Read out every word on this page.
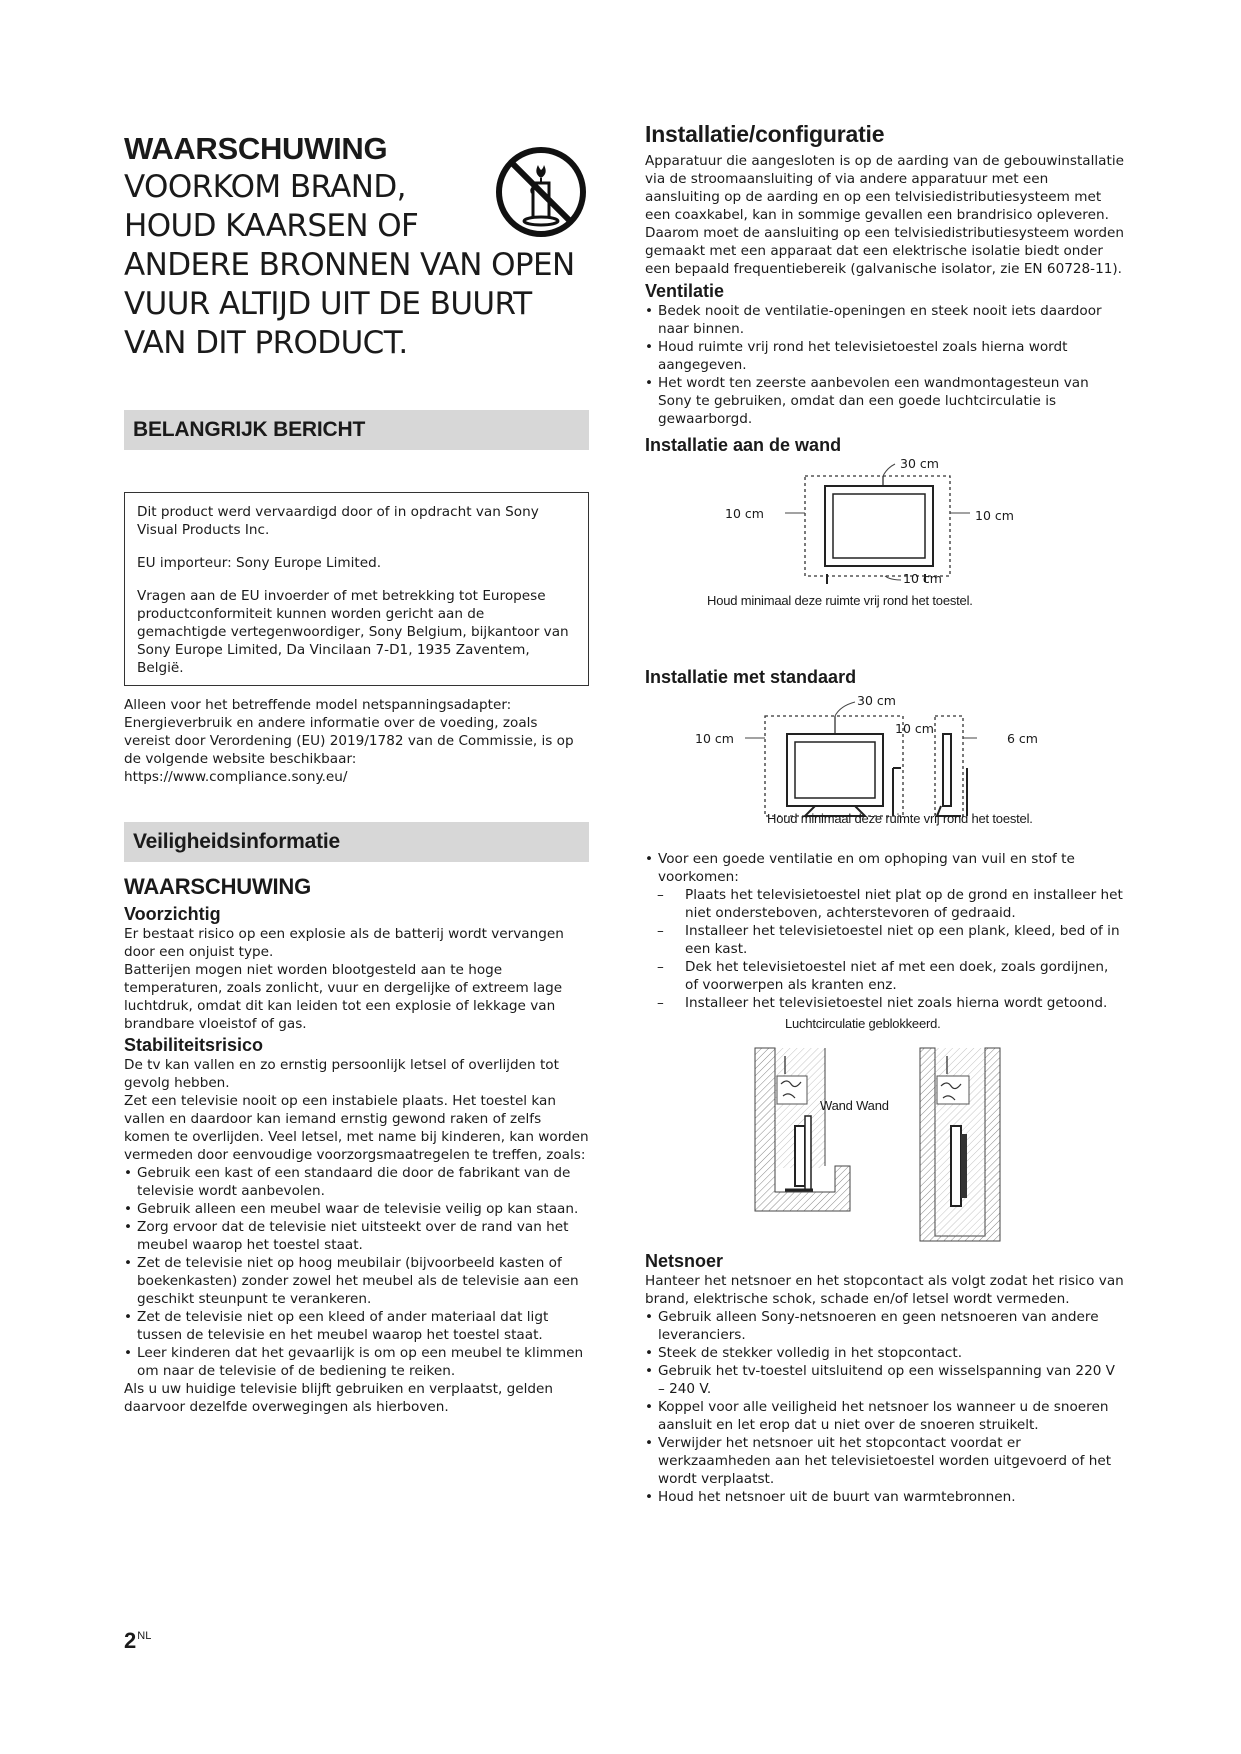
WAARSCHUWING
VOORKOM BRAND,
HOUD KAARSEN OF
ANDERE BRONNEN VAN OPEN
VUUR ALTIJD UIT DE BUURT
VAN DIT PRODUCT.
BELANGRIJK BERICHT

Dit product werd vervaardigd door of in opdracht van Sony Visual Products Inc.

EU importeur: Sony Europe Limited.

Vragen aan de EU invoerder of met betrekking tot Europese productconformiteit kunnen worden gericht aan de gemachtigde vertegenwoordiger, Sony Belgium, bijkantoor van Sony Europe Limited, Da Vincilaan 7-D1, 1935 Zaventem, België.

Alleen voor het betreffende model netspanningsadapter:
Energieverbruik en andere informatie over de voeding, zoals
vereist door Verordening (EU) 2019/1782 van de Commissie, is op
de volgende website beschikbaar:
https://www.compliance.sony.eu/
Veiligheidsinformatie
WAARSCHUWING
Voorzichtig
Er bestaat risico op een explosie als de batterij wordt vervangen door een onjuist type.
Batterijen mogen niet worden blootgesteld aan te hoge temperaturen, zoals zonlicht, vuur en dergelijke of extreem lage luchtdruk, omdat dit kan leiden tot een explosie of lekkage van brandbare vloeistof of gas.
Stabiliteitsrisico
De tv kan vallen en zo ernstig persoonlijk letsel of overlijden tot gevolg hebben.
Zet een televisie nooit op een instabiele plaats. Het toestel kan vallen en daardoor kan iemand ernstig gewond raken of zelfs komen te overlijden. Veel letsel, met name bij kinderen, kan worden vermeden door eenvoudige voorzorgsmaatregelen te treffen, zoals:
• Gebruik een kast of een standaard die door de fabrikant van de televisie wordt aanbevolen.
• Gebruik alleen een meubel waar de televisie veilig op kan staan.
• Zorg ervoor dat de televisie niet uitsteekt over de rand van het meubel waarop het toestel staat.
• Zet de televisie niet op hoog meubilair (bijvoorbeeld kasten of boekenkasten) zonder zowel het meubel als de televisie aan een geschikt steunpunt te verankeren.
• Zet de televisie niet op een kleed of ander materiaal dat ligt tussen de televisie en het meubel waarop het toestel staat.
• Leer kinderen dat het gevaarlijk is om op een meubel te klimmen om naar de televisie of de bediening te reiken.
Als u uw huidige televisie blijft gebruiken en verplaatst, gelden daarvoor dezelfde overwegingen als hierboven.
Installatie/configuratie
Apparatuur die aangesloten is op de aarding van de gebouwinstallatie via de stroomaansluiting of via andere apparatuur met een aansluiting op de aarding en op een telvisiedistributiesysteem met een coaxkabel, kan in sommige gevallen een brandrisico opleveren. Daarom moet de aansluiting op een telvisiedistributiesysteem worden gemaakt met een apparaat dat een elektrische isolatie biedt onder een bepaald frequentiebereik (galvanische isolator, zie EN 60728-11).
Ventilatie
• Bedek nooit de ventilatie-openingen en steek nooit iets daardoor naar binnen.
• Houd ruimte vrij rond het televisietoestel zoals hierna wordt aangegeven.
• Het wordt ten zeerste aanbevolen een wandmontagesteun van Sony te gebruiken, omdat dan een goede luchtcirculatie is gewaarborgd.
Installatie aan de wand
30 cm
10 cm	10 cm
10 cm
Houd minimaal deze ruimte vrij rond het toestel.
Installatie met standaard
30 cm
10 cm
10 cm
6 cm
Houd minimaal deze ruimte vrij rond het toestel.
• Voor een goede ventilatie en om ophoping van vuil en stof te voorkomen:
– Plaats het televisietoestel niet plat op de grond en installeer het niet ondersteboven, achterstevoren of gedraaid.
– Installeer het televisietoestel niet op een plank, kleed, bed of in een kast.
– Dek het televisietoestel niet af met een doek, zoals gordijnen, of voorwerpen als kranten enz.
– Installeer het televisietoestel niet zoals hierna wordt getoond.
Luchtcirculatie geblokkeerd.
Wand Wand
Netsnoer
Hanteer het netsnoer en het stopcontact als volgt zodat het risico van brand, elektrische schok, schade en/of letsel wordt vermeden.
• Gebruik alleen Sony-netsnoeren en geen netsnoeren van andere leveranciers.
• Steek de stekker volledig in het stopcontact.
• Gebruik het tv-toestel uitsluitend op een wisselspanning van 220 V – 240 V.
• Koppel voor alle veiligheid het netsnoer los wanneer u de snoeren aansluit en let erop dat u niet over de snoeren struikelt.
• Verwijder het netsnoer uit het stopcontact voordat er werkzaamheden aan het televisietoestel worden uitgevoerd of het wordt verplaatst.
• Houd het netsnoer uit de buurt van warmtebronnen.
$2^{NL}$
